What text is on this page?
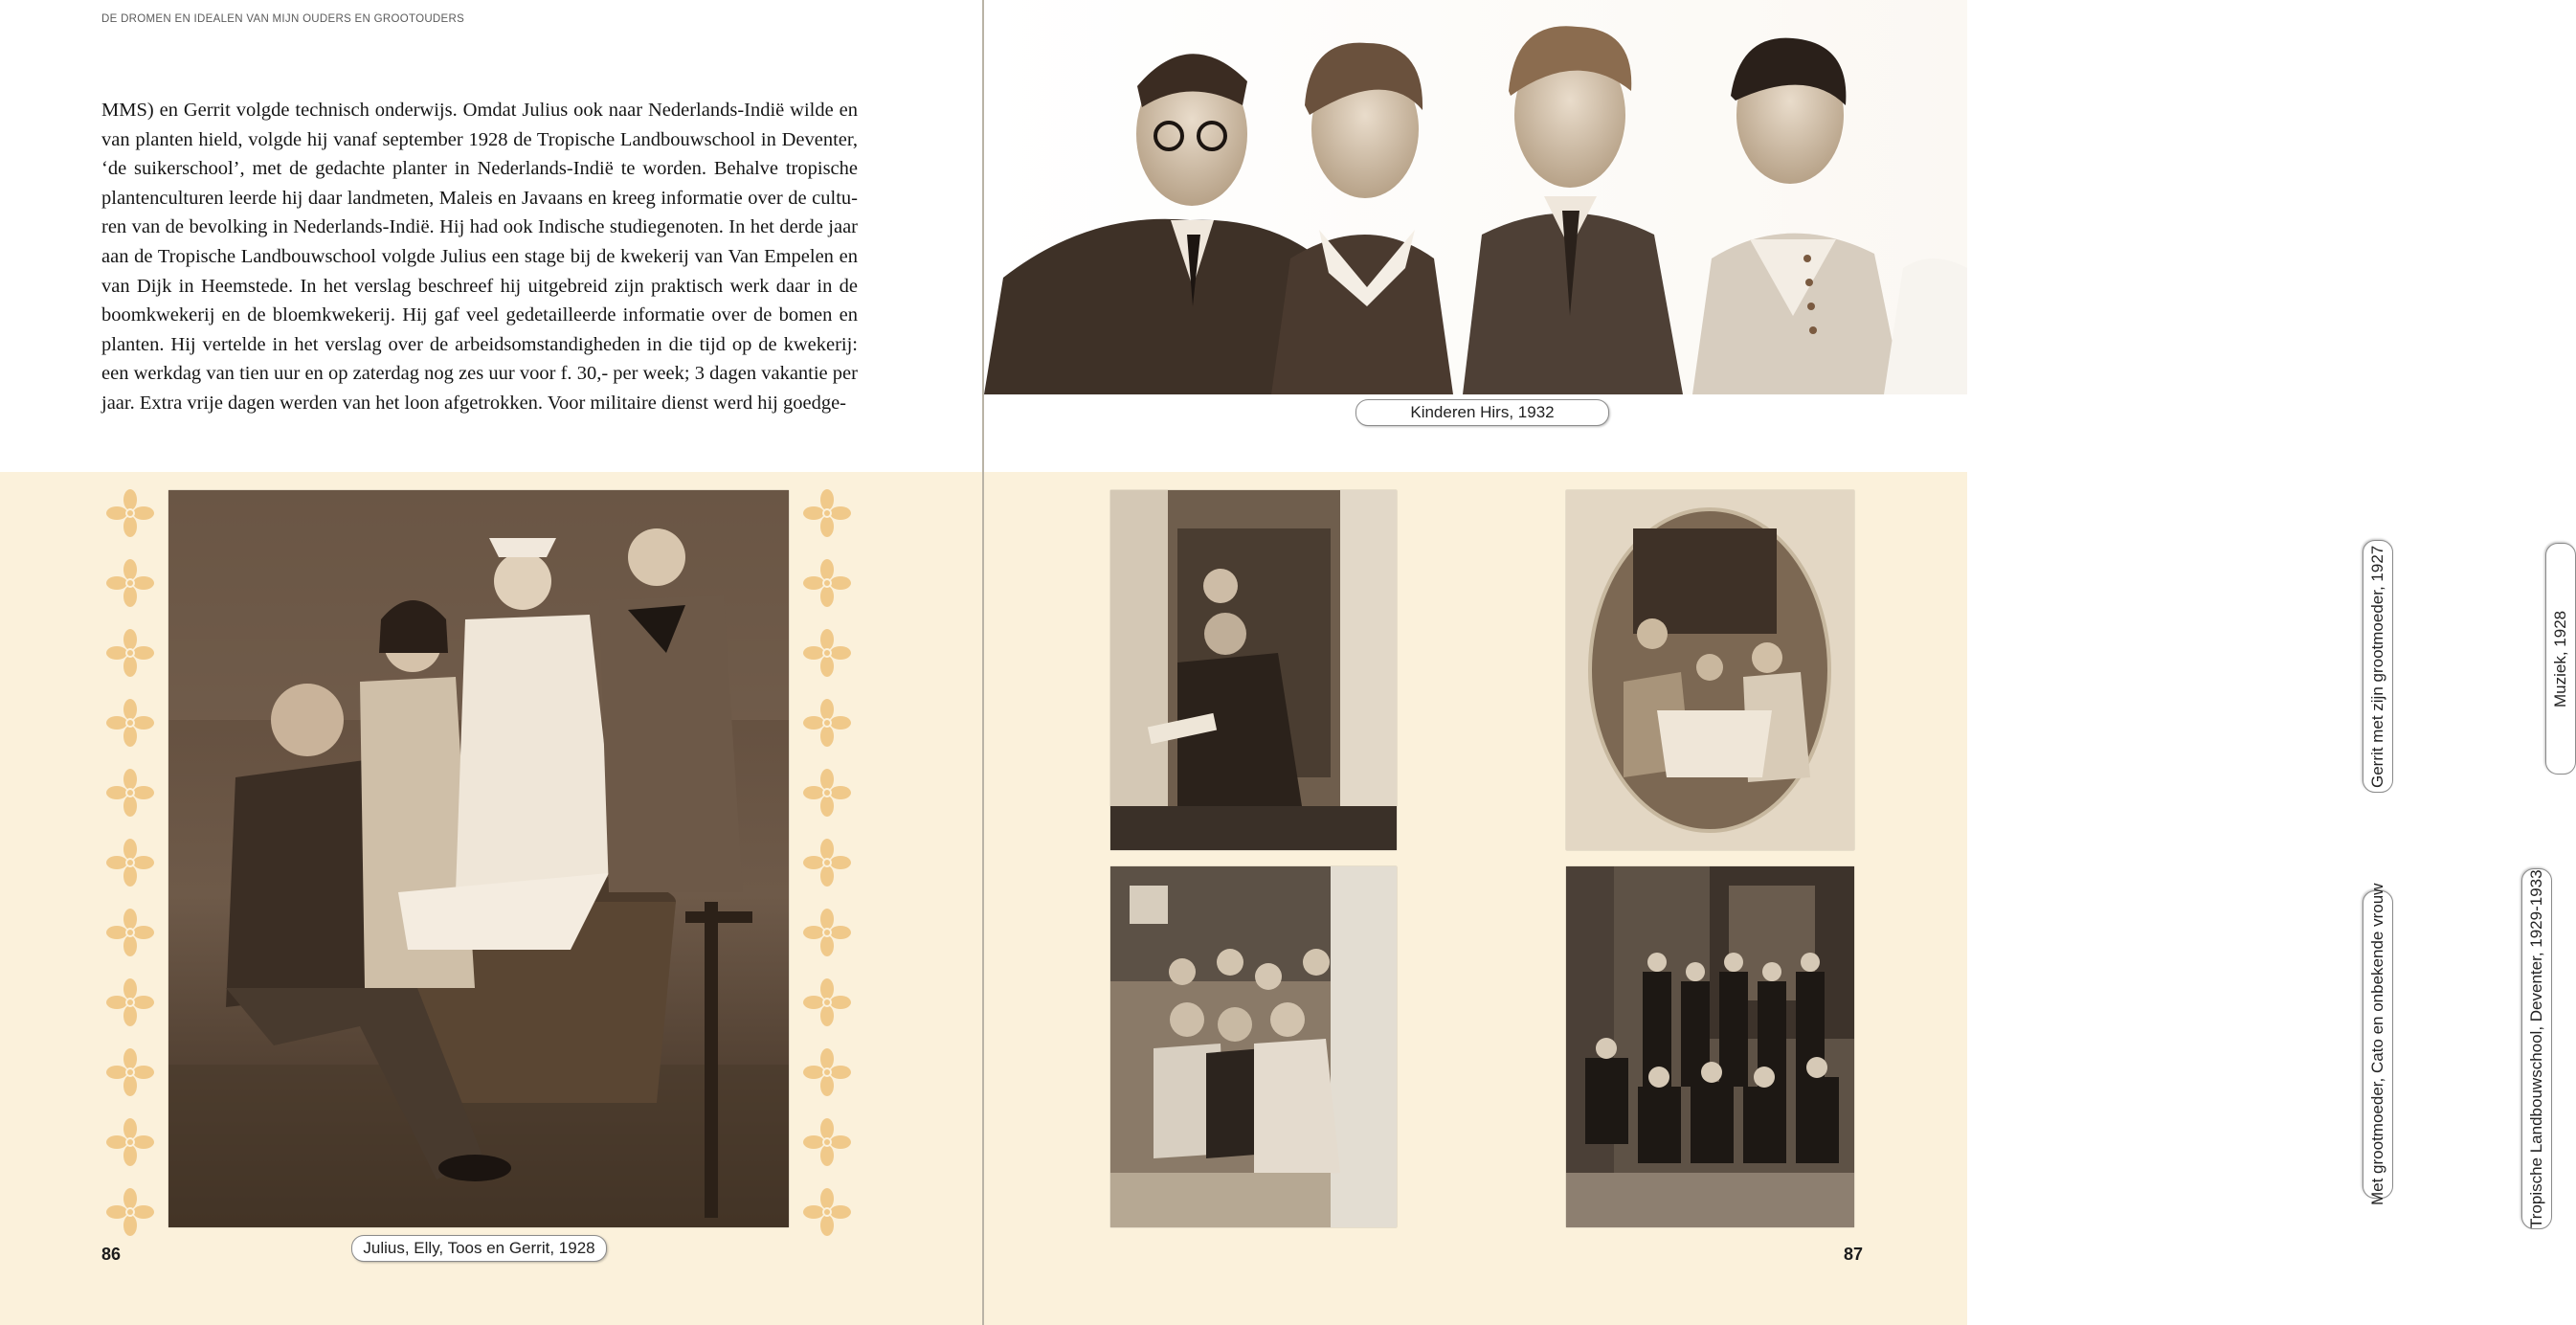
DE DROMEN EN IDEALEN VAN MIJN OUDERS EN GROOTOUDERS

MMS) en Gerrit volgde technisch onderwijs. Omdat Julius ook naar Nederlands-Indië wilde en van planten hield, volgde hij vanaf september 1928 de Tropische Landbouwschool in Deventer, ‘de suikerschool’, met de gedachte planter in Nederlands-Indië te worden. Behalve tropische plantenculturen leerde hij daar landmeten, Maleis en Javaans en kreeg informatie over de culturen van de bevolking in Nederlands-Indië. Hij had ook Indische studiegenoten. In het derde jaar aan de Tropische Landbouwschool volgde Julius een stage bij de kwekerij van Van Empelen en van Dijk in Heemstede. In het verslag beschreef hij uitgebreid zijn praktisch werk daar in de boomkwekerij en de bloemkwekerij. Hij gaf veel gedetailleerde informatie over de bomen en planten. Hij vertelde in het verslag over de arbeidsomstandigheden in die tijd op de kwekerij: een werkdag van tien uur en op zaterdag nog zes uur voor f. 30,- per week; 3 dagen vakantie per jaar. Extra vrije dagen werden van het loon afgetrokken. Voor militaire dienst werd hij goedge-

Julius, Elly, Toos en Gerrit, 1928
86
Kinderen Hirs, 1932
Gerrit met zijn grootmoeder, 1927	Muziek, 1928
Met grootmoeder, Cato en onbekende vrouw	Tropische Landbouwschool, Deventer, 1929-1933
87
